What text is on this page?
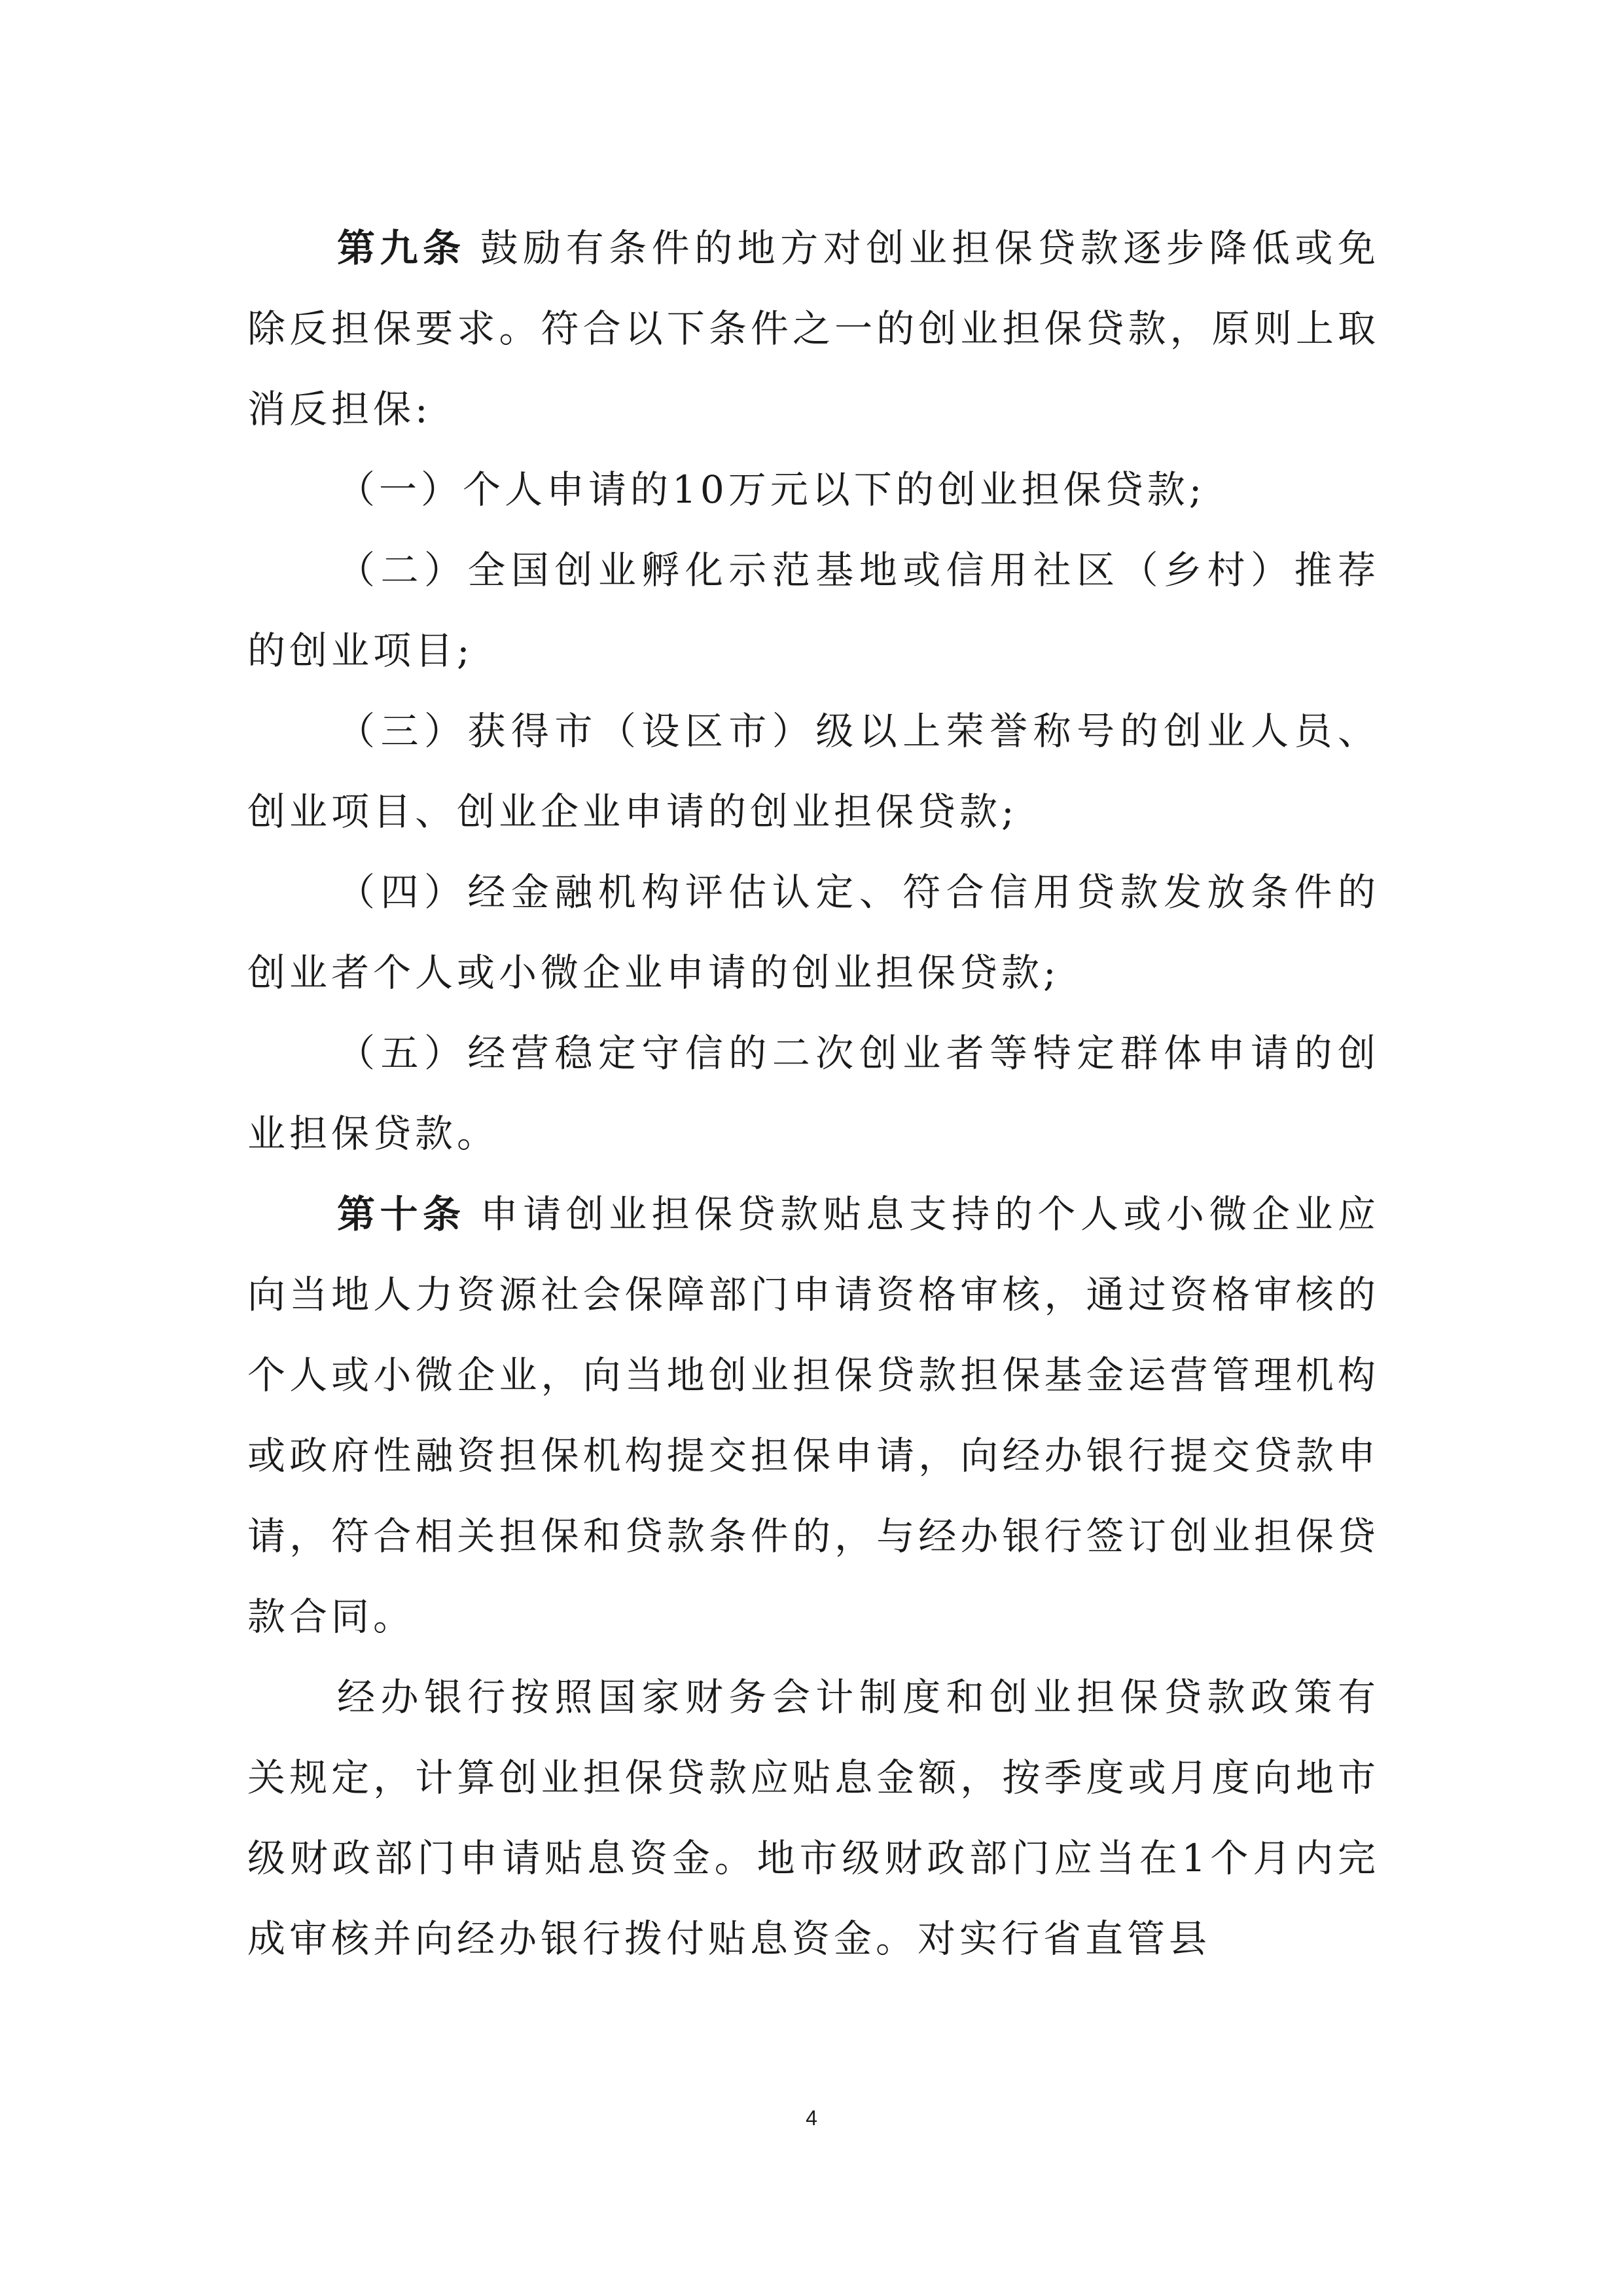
第九条 鼓励有条件的地方对创业担保贷款逐步降低或免除反担保要求。符合以下条件之一的创业担保贷款，原则上取消反担保:

（一）个人申请的10万元以下的创业担保贷款;

（二）全国创业孵化示范基地或信用社区（乡村）推荐的创业项目;

（三）获得市（设区市）级以上荣誉称号的创业人员、创业项目、创业企业申请的创业担保贷款;

（四）经金融机构评估认定、符合信用贷款发放条件的创业者个人或小微企业申请的创业担保贷款;

（五）经营稳定守信的二次创业者等特定群体申请的创业担保贷款。

第十条 申请创业担保贷款贴息支持的个人或小微企业应向当地人力资源社会保障部门申请资格审核，通过资格审核的个人或小微企业，向当地创业担保贷款担保基金运营管理机构或政府性融资担保机构提交担保申请，向经办银行提交贷款申请，符合相关担保和贷款条件的，与经办银行签订创业担保贷款合同。

经办银行按照国家财务会计制度和创业担保贷款政策有关规定，计算创业担保贷款应贴息金额，按季度或月度向地市级财政部门申请贴息资金。地市级财政部门应当在1个月内完成审核并向经办银行拨付贴息资金。对实行省直管县

4
